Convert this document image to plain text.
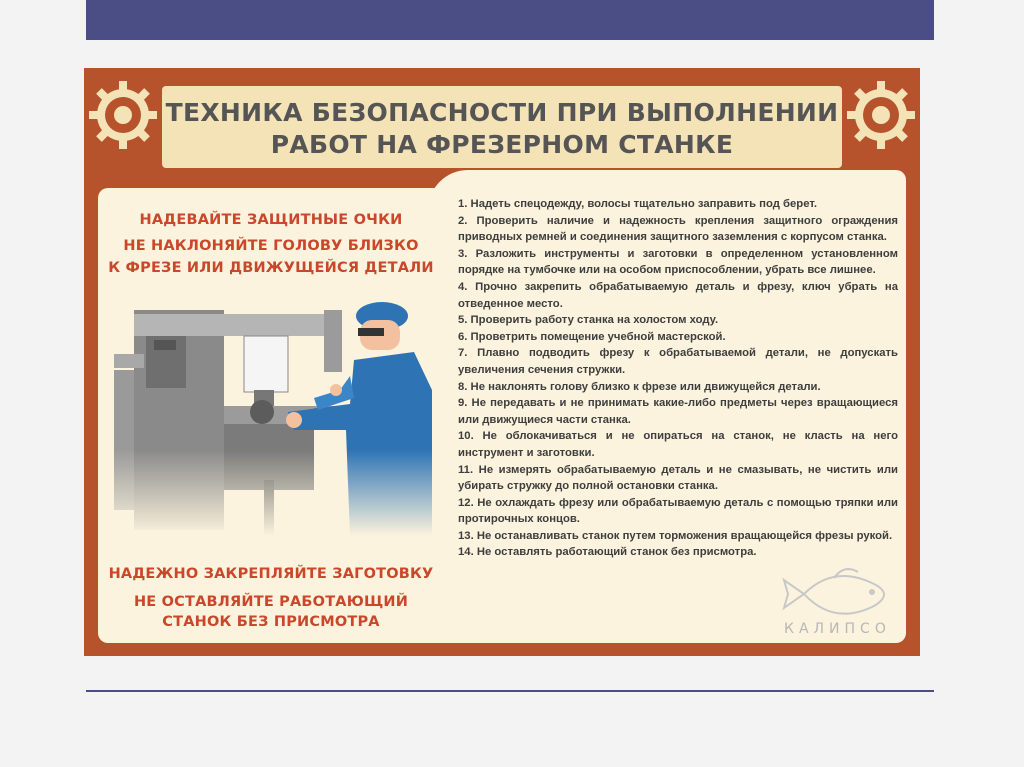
ТЕХНИКА БЕЗОПАСНОСТИ ПРИ ВЫПОЛНЕНИИ
РАБОТ НА ФРЕЗЕРНОМ СТАНКЕ
НАДЕВАЙТЕ ЗАЩИТНЫЕ ОЧКИ
НЕ НАКЛОНЯЙТЕ ГОЛОВУ БЛИЗКО
К ФРЕЗЕ ИЛИ ДВИЖУЩЕЙСЯ ДЕТАЛИ
НАДЕЖНО ЗАКРЕПЛЯЙТЕ ЗАГОТОВКУ
НЕ ОСТАВЛЯЙТЕ РАБОТАЮЩИЙ
СТАНОК БЕЗ ПРИСМОТРА
1. Надеть спецодежду, волосы тщательно заправить под берет.
2. Проверить наличие и надежность крепления защитного ограждения приводных ремней и соединения защитного заземления с корпусом станка.
3. Разложить инструменты и заготовки в определенном установленном порядке на тумбочке или на особом приспособлении, убрать все лишнее.
4. Прочно закрепить обрабатываемую деталь и фрезу, ключ убрать на отведенное место.
5. Проверить работу станка на холостом ходу.
6. Проветрить помещение учебной мастерской.
7. Плавно подводить фрезу к обрабатываемой детали, не допускать увеличения сечения стружки.
8. Не наклонять голову близко к фрезе или движущейся детали.
9. Не передавать и не принимать какие-либо предметы через вращающиеся или движущиеся части станка.
10. Не облокачиваться и не опираться на станок, не класть на него инструмент и заготовки.
11. Не измерять обрабатываемую деталь и не смазывать, не чистить или убирать стружку до полной остановки станка.
12. Не охлаждать фрезу или обрабатываемую деталь с помощью тряпки или протирочных концов.
13. Не останавливать станок путем торможения вращающейся фрезы рукой.
14. Не оставлять работающий станок без присмотра.
КАЛИПСО
